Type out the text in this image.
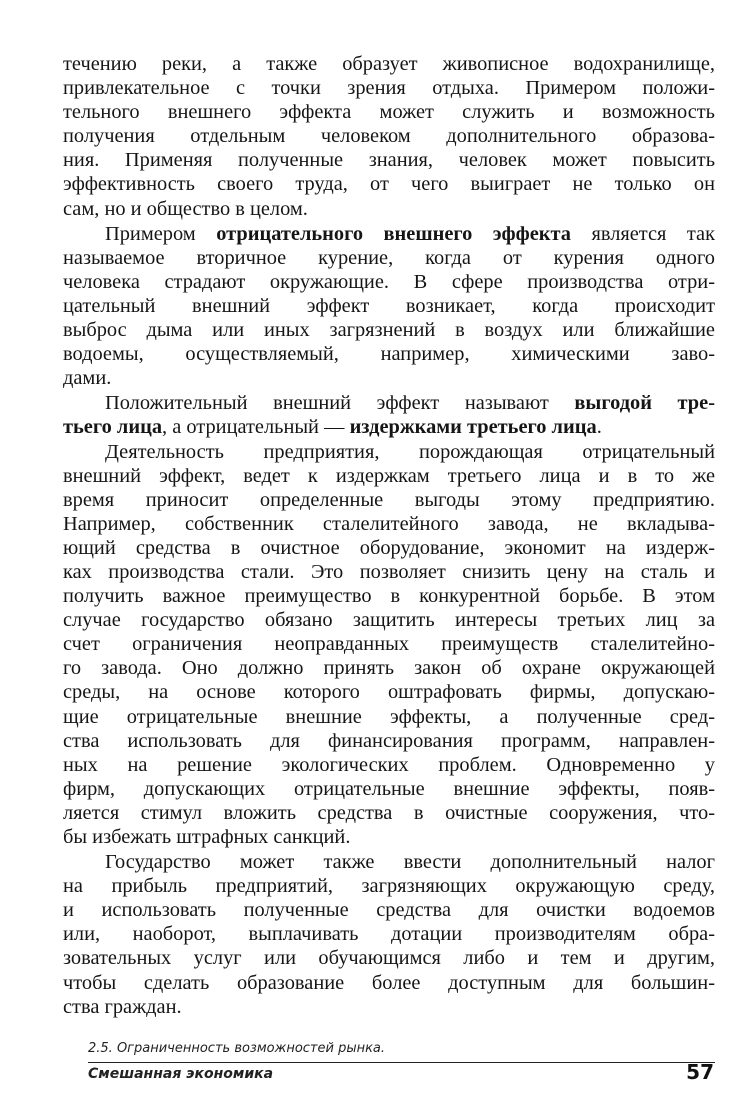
течению реки, а также образует живописное водохранилище,
привлекательное с точки зрения отдыха. Примером положи-
тельного внешнего эффекта может служить и возможность
получения отдельным человеком дополнительного образова-
ния. Применяя полученные знания, человек может повысить
эффективность своего труда, от чего выиграет не только он
сам, но и общество в целом.

Примером отрицательного внешнего эффекта является так

называемое вторичное курение, когда от курения одного
человека страдают окружающие. В сфере производства отри-
цательный внешний эффект возникает, когда происходит
выброс дыма или иных загрязнений в воздух или ближайшие
водоемы, осуществляемый, например, химическими заво-
дами.

Положительный внешний эффект называют выгодой тре-

тьего лица, а отрицательный — издержками третьего лица.

Деятельность предприятия, порождающая отрицательный

внешний эффект, ведет к издержкам третьего лица и в то же
время приносит определенные выгоды этому предприятию.
Например, собственник сталелитейного завода, не вкладыва-
ющий средства в очистное оборудование, экономит на издерж-
ках производства стали. Это позволяет снизить цену на сталь и
получить важное преимущество в конкурентной борьбе. В этом
случае государство обязано защитить интересы третьих лиц за
счет ограничения неоправданных преимуществ сталелитейно-
го завода. Оно должно принять закон об охране окружающей
среды, на основе которого оштрафовать фирмы, допускаю-
щие отрицательные внешние эффекты, а полученные сред-
ства использовать для финансирования программ, направлен-
ных на решение экологических проблем. Одновременно у
фирм, допускающих отрицательные внешние эффекты, появ-
ляется стимул вложить средства в очистные сооружения, что-
бы избежать штрафных санкций.

Государство может также ввести дополнительный налог

на прибыль предприятий, загрязняющих окружающую среду,
и использовать полученные средства для очистки водоемов
или, наоборот, выплачивать дотации производителям обра-
зовательных услуг или обучающимся либо и тем и другим,
чтобы сделать образование более доступным для большин-
ства граждан.

2.5. Ограниченность возможностей рынка.
Смешанная экономика	57
